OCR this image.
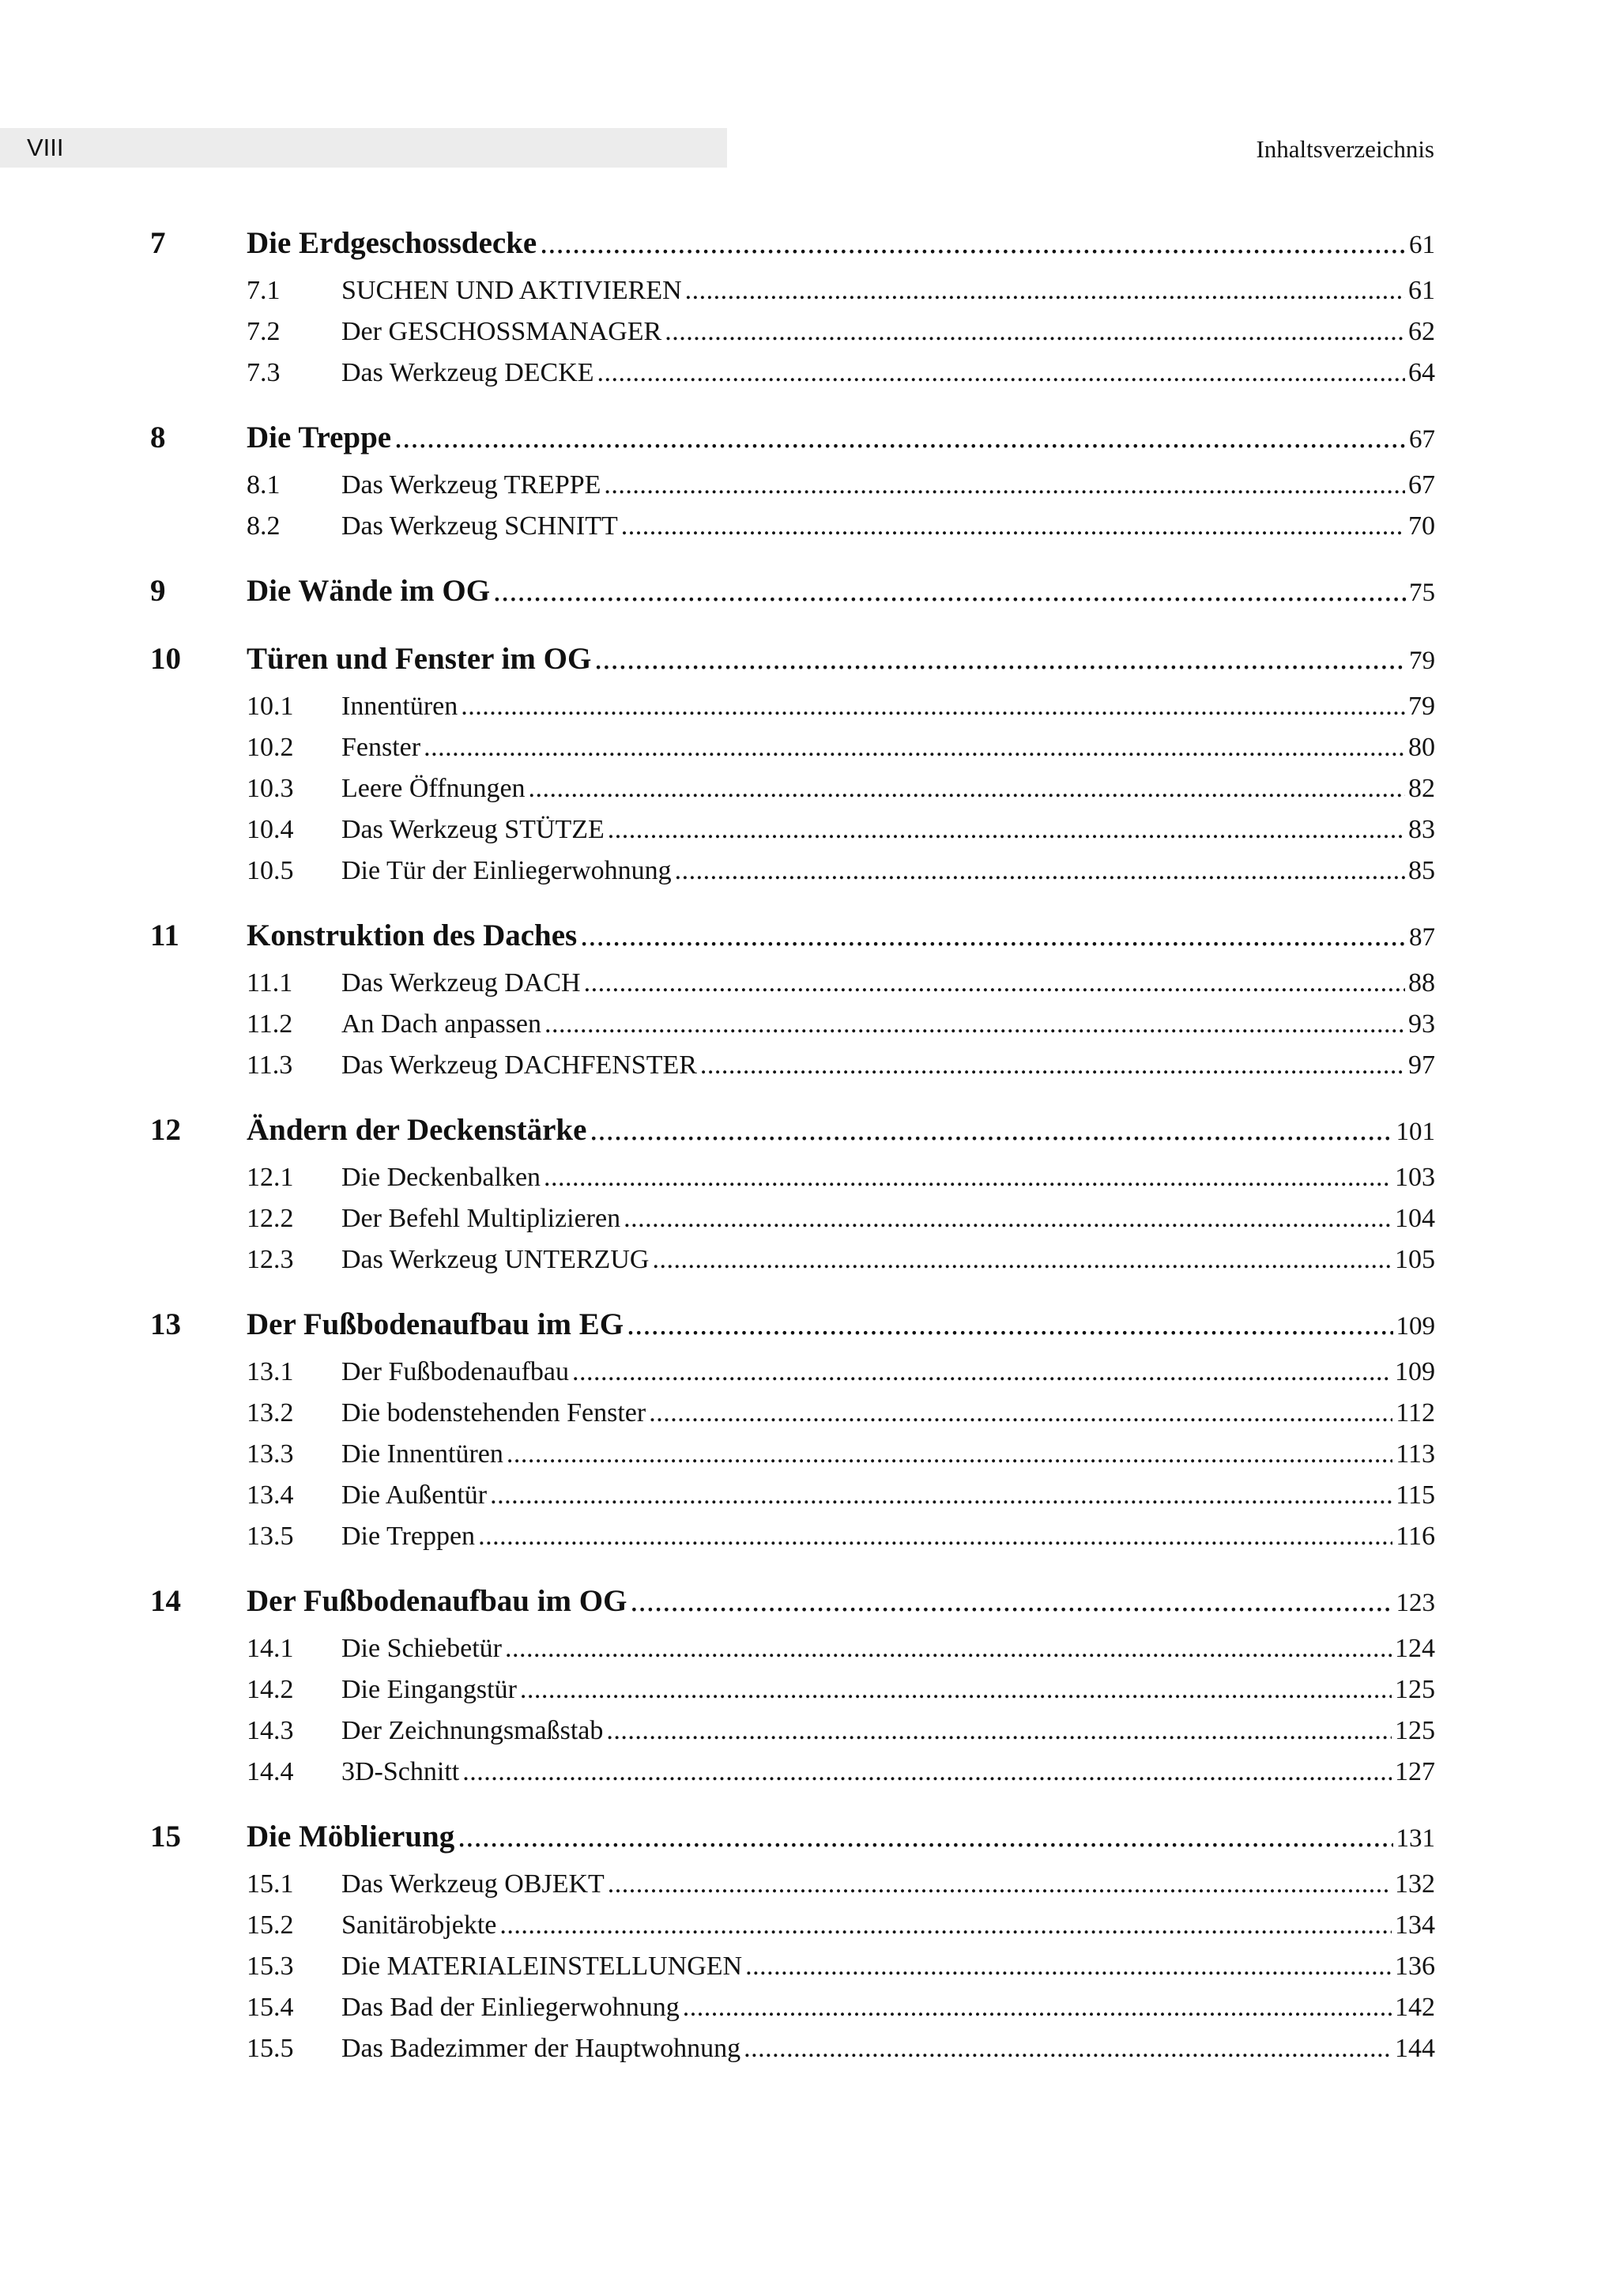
VIII	Inhaltsverzeichnis
7	Die Erdgeschossdecke .....	61
7.1	SUCHEN UND AKTIVIEREN .....	61
7.2	Der GESCHOSSMANAGER .....	62
7.3	Das Werkzeug DECKE .....	64
8	Die Treppe .....	67
8.1	Das Werkzeug TREPPE .....	67
8.2	Das Werkzeug SCHNITT .....	70
9	Die Wände im OG .....	75
10	Türen und Fenster im OG .....	79
10.1	Innentüren .....	79
10.2	Fenster .....	80
10.3	Leere Öffnungen .....	82
10.4	Das Werkzeug STÜTZE .....	83
10.5	Die Tür der Einliegerwohnung .....	85
11	Konstruktion des Daches .....	87
11.1	Das Werkzeug DACH .....	88
11.2	An Dach anpassen .....	93
11.3	Das Werkzeug DACHFENSTER .....	97
12	Ändern der Deckenstärke .....	101
12.1	Die Deckenbalken .....	103
12.2	Der Befehl Multiplizieren .....	104
12.3	Das Werkzeug UNTERZUG .....	105
13	Der Fußbodenaufbau im EG .....	109
13.1	Der Fußbodenaufbau .....	109
13.2	Die bodenstehenden Fenster .....	112
13.3	Die Innentüren .....	113
13.4	Die Außentür .....	115
13.5	Die Treppen .....	116
14	Der Fußbodenaufbau im OG .....	123
14.1	Die Schiebetür .....	124
14.2	Die Eingangstür .....	125
14.3	Der Zeichnungsmaßstab .....	125
14.4	3D-Schnitt .....	127
15	Die Möblierung .....	131
15.1	Das Werkzeug OBJEKT .....	132
15.2	Sanitärobjekte .....	134
15.3	Die MATERIALEINSTELLUNGEN .....	136
15.4	Das Bad der Einliegerwohnung .....	142
15.5	Das Badezimmer der Hauptwohnung .....	144
